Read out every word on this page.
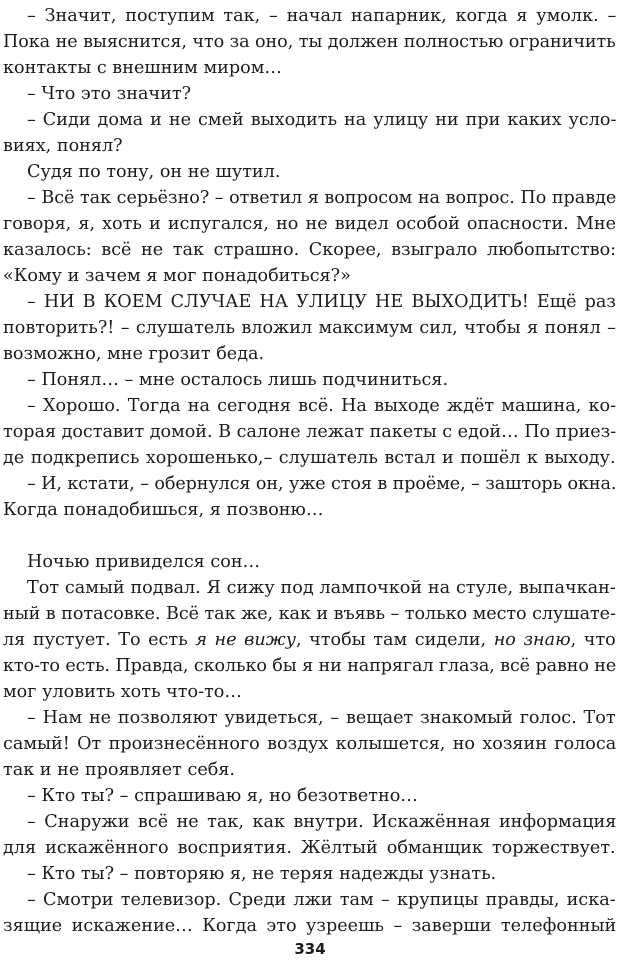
334
– Значит, поступим так, – начал напарник, когда я умолк. –
Пока не выяснится, что за оно, ты должен полностью ограничить
контакты с внешним миром…
– Что это значит?
– Сиди дома и не смей выходить на улицу ни при каких усло-
виях, понял?
Судя по тону, он не шутил.
– Всё так серьёзно? – ответил я вопросом на вопрос. По правде
говоря, я, хоть и испугался, но не видел особой опасности. Мне
казалось: всё не так страшно. Скорее, взыграло любопытство:
«Кому и зачем я мог понадобиться?»
– НИ В КОЕМ СЛУЧАЕ НА УЛИЦУ НЕ ВЫХОДИТЬ! Ещё раз
повторить?! – слушатель вложил максимум сил, чтобы я понял –
возможно, мне грозит беда.
– Понял… – мне осталось лишь подчиниться.
– Хорошо. Тогда на сегодня всё. На выходе ждёт машина, ко-
торая доставит домой. В салоне лежат пакеты с едой… По приез-
де подкрепись хорошенько,– слушатель встал и пошёл к выходу.
– И, кстати, – обернулся он, уже стоя в проёме, – зашторь окна.
Когда понадобишься, я позвоню…
Ночью привиделся сон…
Тот самый подвал. Я сижу под лампочкой на стуле, выпачкан-
ный в потасовке. Всё так же, как и въявь – только место слушате-
ля пустует. То есть я не вижу, чтобы там сидели, но знаю, что
кто-то есть. Правда, сколько бы я ни напрягал глаза, всё равно не
мог уловить хоть что-то…
– Нам не позволяют увидеться, – вещает знакомый голос. Тот
самый! От произнесённого воздух колышется, но хозяин голоса
так и не проявляет себя.
– Кто ты? – спрашиваю я, но безответно…
– Снаружи всё не так, как внутри. Искажённая информация
для искажённого восприятия. Жёлтый обманщик торжествует.
– Кто ты? – повторяю я, не теряя надежды узнать.
– Смотри телевизор. Среди лжи там – крупицы правды, иска-
зящие искажение… Когда это узреешь – заверши телефонный
